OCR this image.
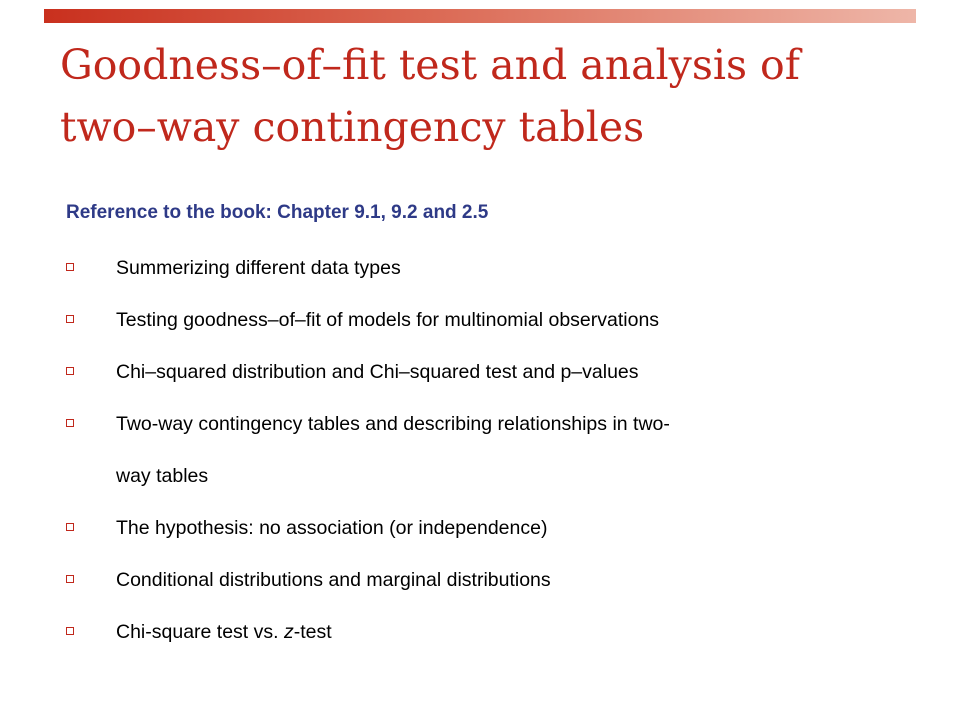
Goodness–of–fit test and analysis of
two–way contingency tables

Reference to the book: Chapter 9.1, 9.2 and 2.5

Summerizing different data types
Testing goodness–of–fit of models for multinomial observations
Chi–squared distribution and Chi–squared test and p–values
Two-way contingency tables and describing relationships in two-
way tables
The hypothesis: no association (or independence)
Conditional distributions and marginal distributions
Chi-square test vs. z-test
